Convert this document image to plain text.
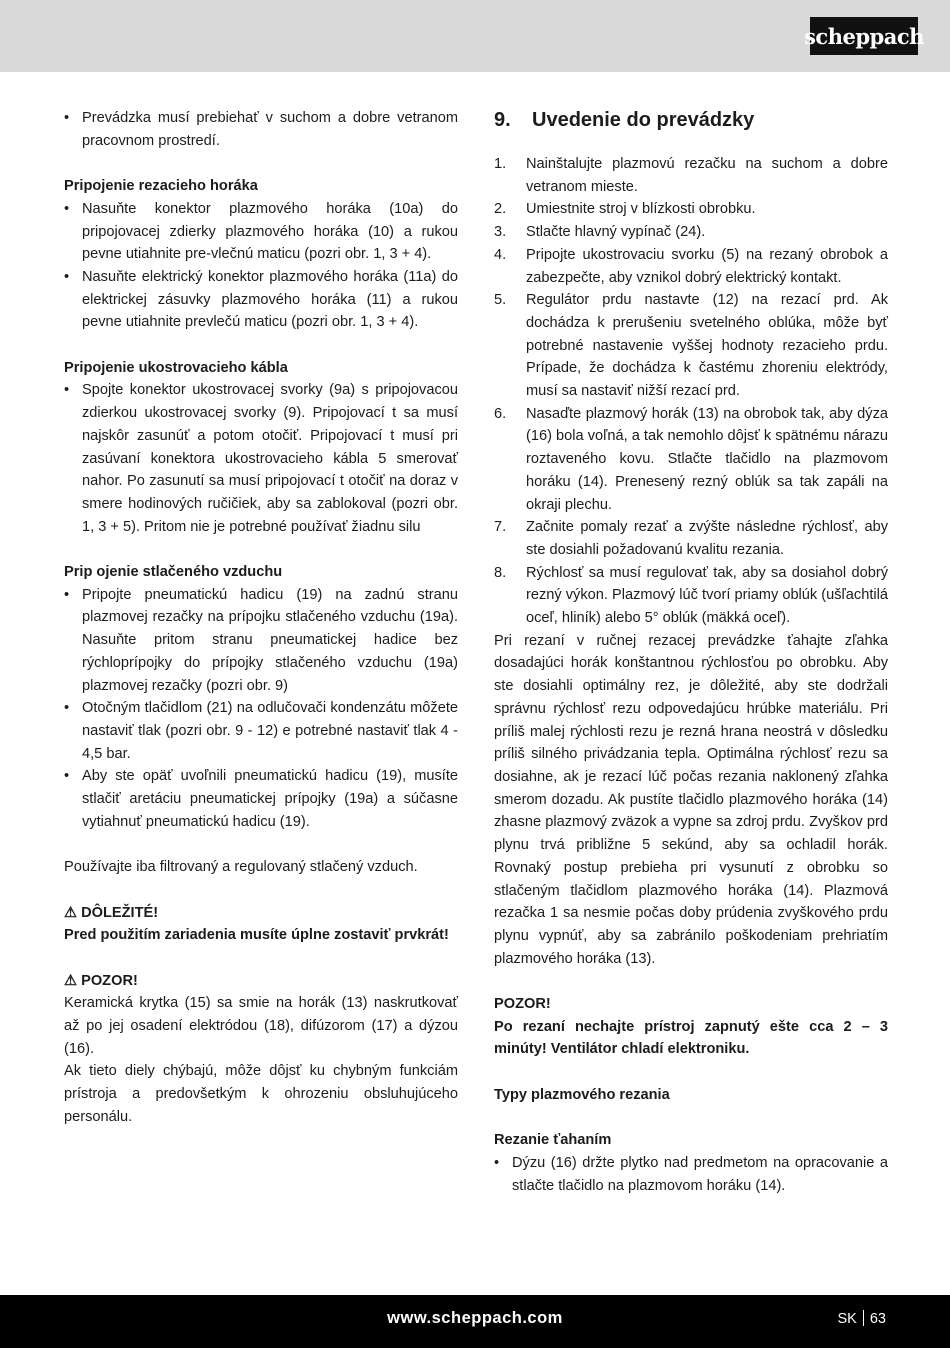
scheppach
• Prevádzka musí prebiehať v suchom a dobre vetranom pracovnom prostredí.

Pripojenie rezacieho horáka

• Nasuňte konektor plazmového horáka (10a) do pripojovacej zdierky plazmového horáka (10) a rukou pevne utiahnite pre-vlečnú maticu (pozri obr. 1, 3 + 4).
• Nasuňte elektrický konektor plazmového horáka (11a) do elektrickej zásuvky plazmového horáka (11) a rukou pevne utiahnite prevlečú maticu (pozri obr. 1, 3 + 4).

Pripojenie ukostrovacieho kábla

• Spojte konektor ukostrovacej svorky (9a) s pripojovacou zdierkou ukostrovacej svorky (9). Pripojovací t sa musí najskôr zasunúť a potom otočiť. Pripojovací t musí pri zasúvaní konektora ukostrovacieho kábla 5 smerovať nahor. Po zasunutí sa musí pripojovací t otočiť na doraz v smere hodinových ručičiek, aby sa zablokoval (pozri obr. 1, 3 + 5). Pritom nie je potrebné používať žiadnu silu

Prip ojenie stlačeného vzduchu

• Pripojte pneumatickú hadicu (19) na zadnú stranu plazmovej rezačky na prípojku stlačeného vzduchu (19a). Nasuňte pritom stranu pneumatickej hadice bez rýchloprípojky do prípojky stlačeného vzduchu (19a) plazmovej rezačky (pozri obr. 9)
• Otočným tlačidlom (21) na odlučovači kondenzátu môžete nastaviť tlak (pozri obr. 9 - 12) e potrebné nastaviť tlak 4 - 4,5 bar.
• Aby ste opäť uvoľnili pneumatickú hadicu (19), musíte stlačiť aretáciu pneumatickej prípojky (19a) a súčasne vytiahnuť pneumatickú hadicu (19).

Používajte iba filtrovaný a regulovaný stlačený vzduch.

⚠ DÔLEŽITÉ!

Pred použitím zariadenia musíte úplne zostaviť prvkrát!

⚠ POZOR!

Keramická krytka (15) sa smie na horák (13) naskrutkovať až po jej osadení elektródou (18), difúzorom (17) a dýzou (16).

Ak tieto diely chýbajú, môže dôjsť ku chybným funkciám prístroja a predovšetkým k ohrozeniu obsluhujúceho personálu.

9. Uvedenie do prevádzky
1. Nainštalujte plazmovú rezačku na suchom a dobre vetranom mieste.
2. Umiestnite stroj v blízkosti obrobku.
3. Stlačte hlavný vypínač (24).
4. Pripojte ukostrovaciu svorku (5) na rezaný obrobok a zabezpečte, aby vznikol dobrý elektrický kontakt.
5. Regulátor prdu nastavte (12) na rezací prd. Ak dochádza k prerušeniu svetelného oblúka, môže byť potrebné nastavenie vyššej hodnoty rezacieho prdu. Prípade, že dochádza k častému zhoreniu elektródy, musí sa nastaviť nižší rezací prd.
6. Nasaďte plazmový horák (13) na obrobok tak, aby dýza (16) bola voľná, a tak nemohlo dôjsť k spätnému nárazu roztaveného kovu. Stlačte tlačidlo na plazmovom horáku (14). Prenesený rezný oblúk sa tak zapáli na okraji plechu.
7. Začnite pomaly rezať a zvýšte následne rýchlosť, aby ste dosiahli požadovanú kvalitu rezania.
8. Rýchlosť sa musí regulovať tak, aby sa dosiahol dobrý rezný výkon. Plazmový lúč tvorí priamy oblúk (ušľachtilá oceľ, hliník) alebo 5° oblúk (mäkká oceľ).

Pri rezaní v ručnej rezacej prevádzke ťahajte zľahka dosadajúci horák konštantnou rýchlosťou po obrobku. Aby ste dosiahli optimálny rez, je dôležité, aby ste dodržali správnu rýchlosť rezu odpovedajúcu hrúbke materiálu. Pri príliš malej rýchlosti rezu je rezná hrana neostrá v dôsledku príliš silného privádzania tepla. Optimálna rýchlosť rezu sa dosiahne, ak je rezací lúč počas rezania naklonený zľahka smerom dozadu. Ak pustíte tlačidlo plazmového horáka (14) zhasne plazmový zväzok a vypne sa zdroj prdu. Zvyškov prd plynu trvá približne 5 sekúnd, aby sa ochladil horák. Rovnaký postup prebieha pri vysunutí z obrobku so stlačeným tlačidlom plazmového horáka (14). Plazmová rezačka 1 sa nesmie počas doby prúdenia zvyškového prdu plynu vypnúť, aby sa zabránilo poškodeniam prehriatím plazmového horáka (13).

POZOR!

Po rezaní nechajte prístroj zapnutý ešte cca 2 – 3 minúty! Ventilátor chladí elektroniku.

Typy plazmového rezania

Rezanie ťahaním

• Dýzu (16) držte plytko nad predmetom na opracovanie a stlačte tlačidlo na plazmovom horáku (14).
www.scheppach.com	SK 63
